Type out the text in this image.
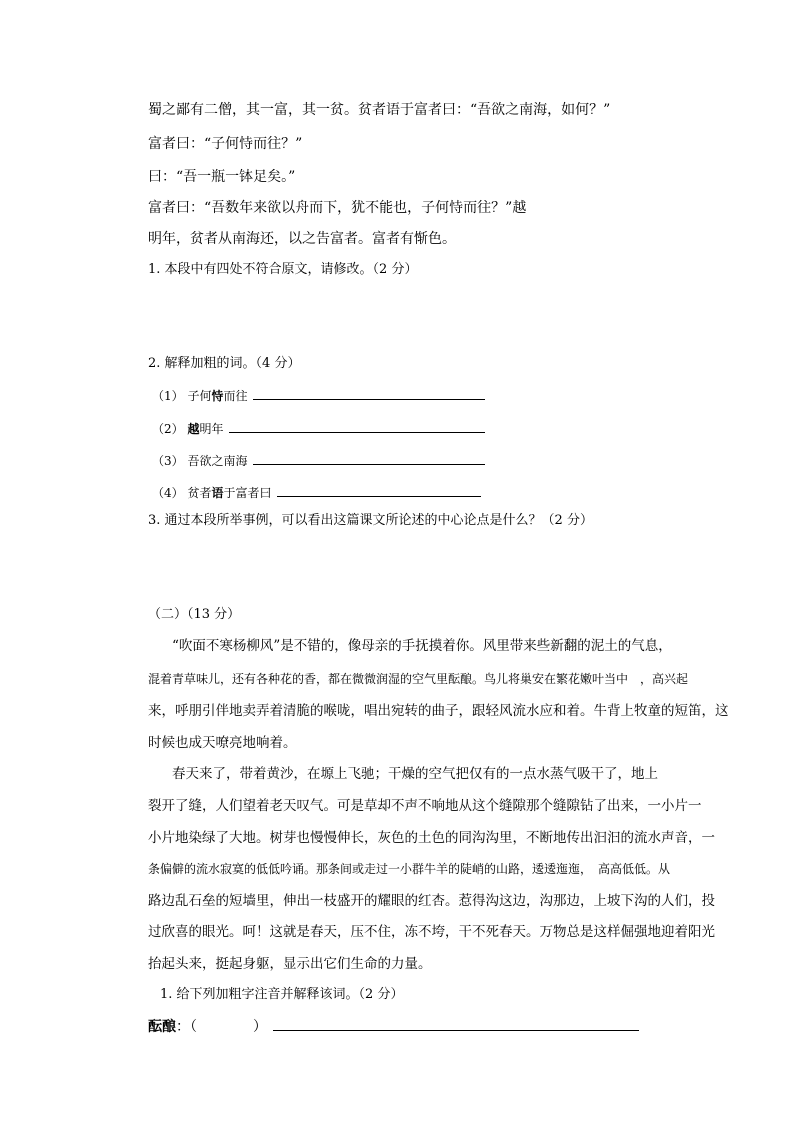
蜀之鄙有二僧，其一富，其一贫。贫者语于富者曰：“吾欲之南海，如何？”
富者曰：“子何恃而往？”
曰：“吾一瓶一钵足矣。”
富者曰：“吾数年来欲以舟而下，犹不能也，子何恃而往？”越
明年，贫者从南海还，以之告富者。富者有惭色。
1. 本段中有四处不符合原文，请修改。（2 分）
2. 解释加粗的词。（4 分）
（1） 子何恃而往
（2） 越明年
（3） 吾欲之南海
（4） 贫者语于富者曰
3. 通过本段所举事例，可以看出这篇课文所论述的中心论点是什么？（2 分）
（二）（13 分）
“吹面不寒杨柳风”是不错的，像母亲的手抚摸着你。风里带来些新翻的泥土的气息，
混着青草味儿，还有各种花的香，都在微微润湿的空气里酝酿。鸟儿将巢安在繁花嫩叶当中　，高兴起
来，呼朋引伴地卖弄着清脆的喉咙，唱出宛转的曲子，跟轻风流水应和着。牛背上牧童的短笛，这
时候也成天嘹亮地响着。
春天来了，带着黄沙，在塬上飞驰；干燥的空气把仅有的一点水蒸气吸干了，地上
裂开了缝，人们望着老天叹气。可是草却不声不响地从这个缝隙那个缝隙钻了出来，一小片一
小片地染绿了大地。树芽也慢慢伸长，灰色的土色的同沟沟里，不断地传出汩汩的流水声音，一
条偏僻的流水寂寞的低低吟诵。那条间或走过一小群牛羊的陡峭的山路，逶逶迤迤，　高高低低。从
路边乱石垒的短墙里，伸出一枝盛开的耀眼的红杏。惹得沟这边，沟那边，上坡下沟的人们，投
过欣喜的眼光。呵！这就是春天，压不住，冻不垮，干不死春天。万物总是这样倔强地迎着阳光
抬起头来，挺起身躯，显示出它们生命的力量。
1. 给下列加粗字注音并解释该词。（2 分）
酝酿：（　　　　）
